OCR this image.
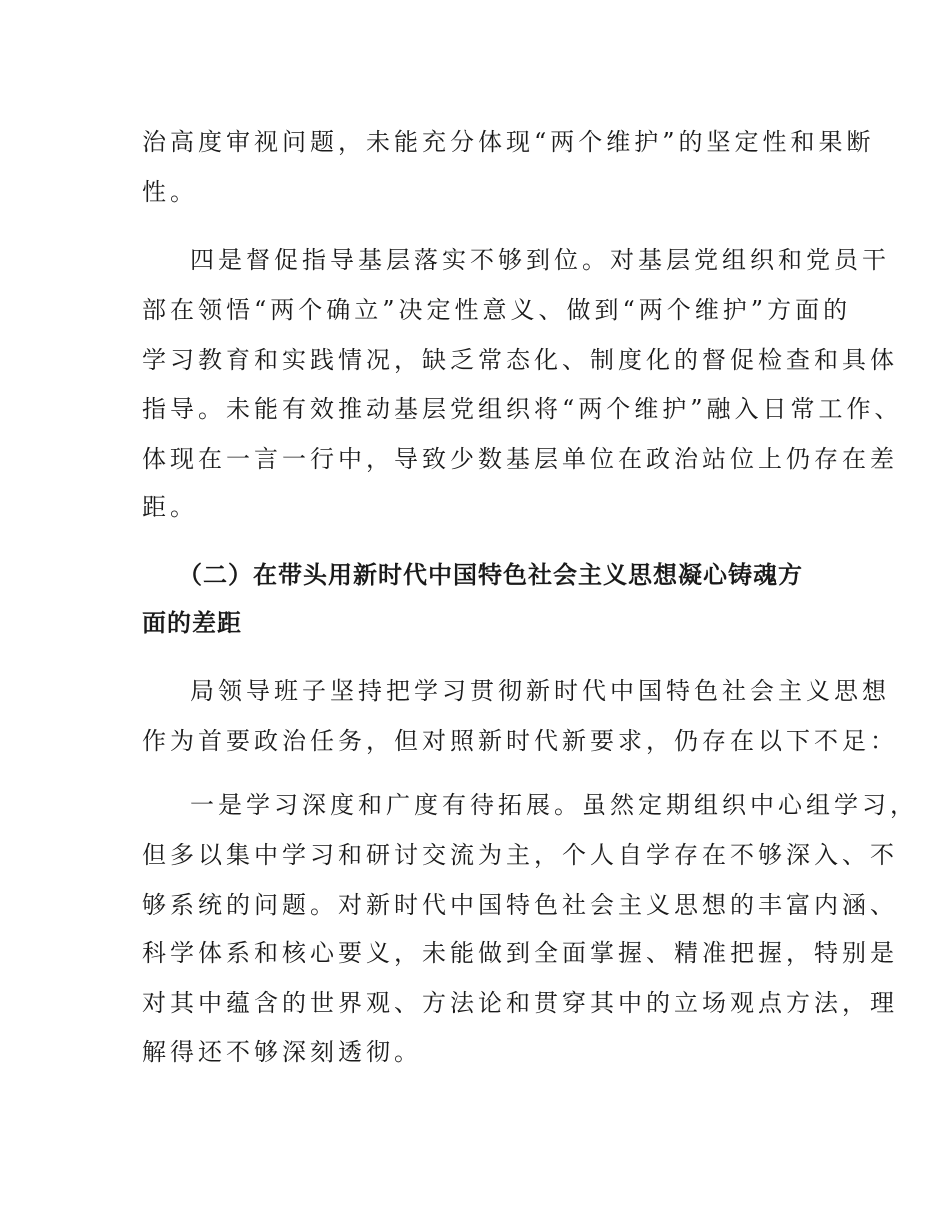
治高度审视问题，未能充分体现“两个维护”的坚定性和果断

性。

四是督促指导基层落实不够到位。对基层党组织和党员干

部在领悟“两个确立”决定性意义、做到“两个维护”方面的

学习教育和实践情况，缺乏常态化、制度化的督促检查和具体

指导。未能有效推动基层党组织将“两个维护”融入日常工作、

体现在一言一行中，导致少数基层单位在政治站位上仍存在差

距。

（二）在带头用新时代中国特色社会主义思想凝心铸魂方

面的差距

局领导班子坚持把学习贯彻新时代中国特色社会主义思想

作为首要政治任务，但对照新时代新要求，仍存在以下不足：

一是学习深度和广度有待拓展。虽然定期组织中心组学习，

但多以集中学习和研讨交流为主，个人自学存在不够深入、不

够系统的问题。对新时代中国特色社会主义思想的丰富内涵、

科学体系和核心要义，未能做到全面掌握、精准把握，特别是

对其中蕴含的世界观、方法论和贯穿其中的立场观点方法，理

解得还不够深刻透彻。
